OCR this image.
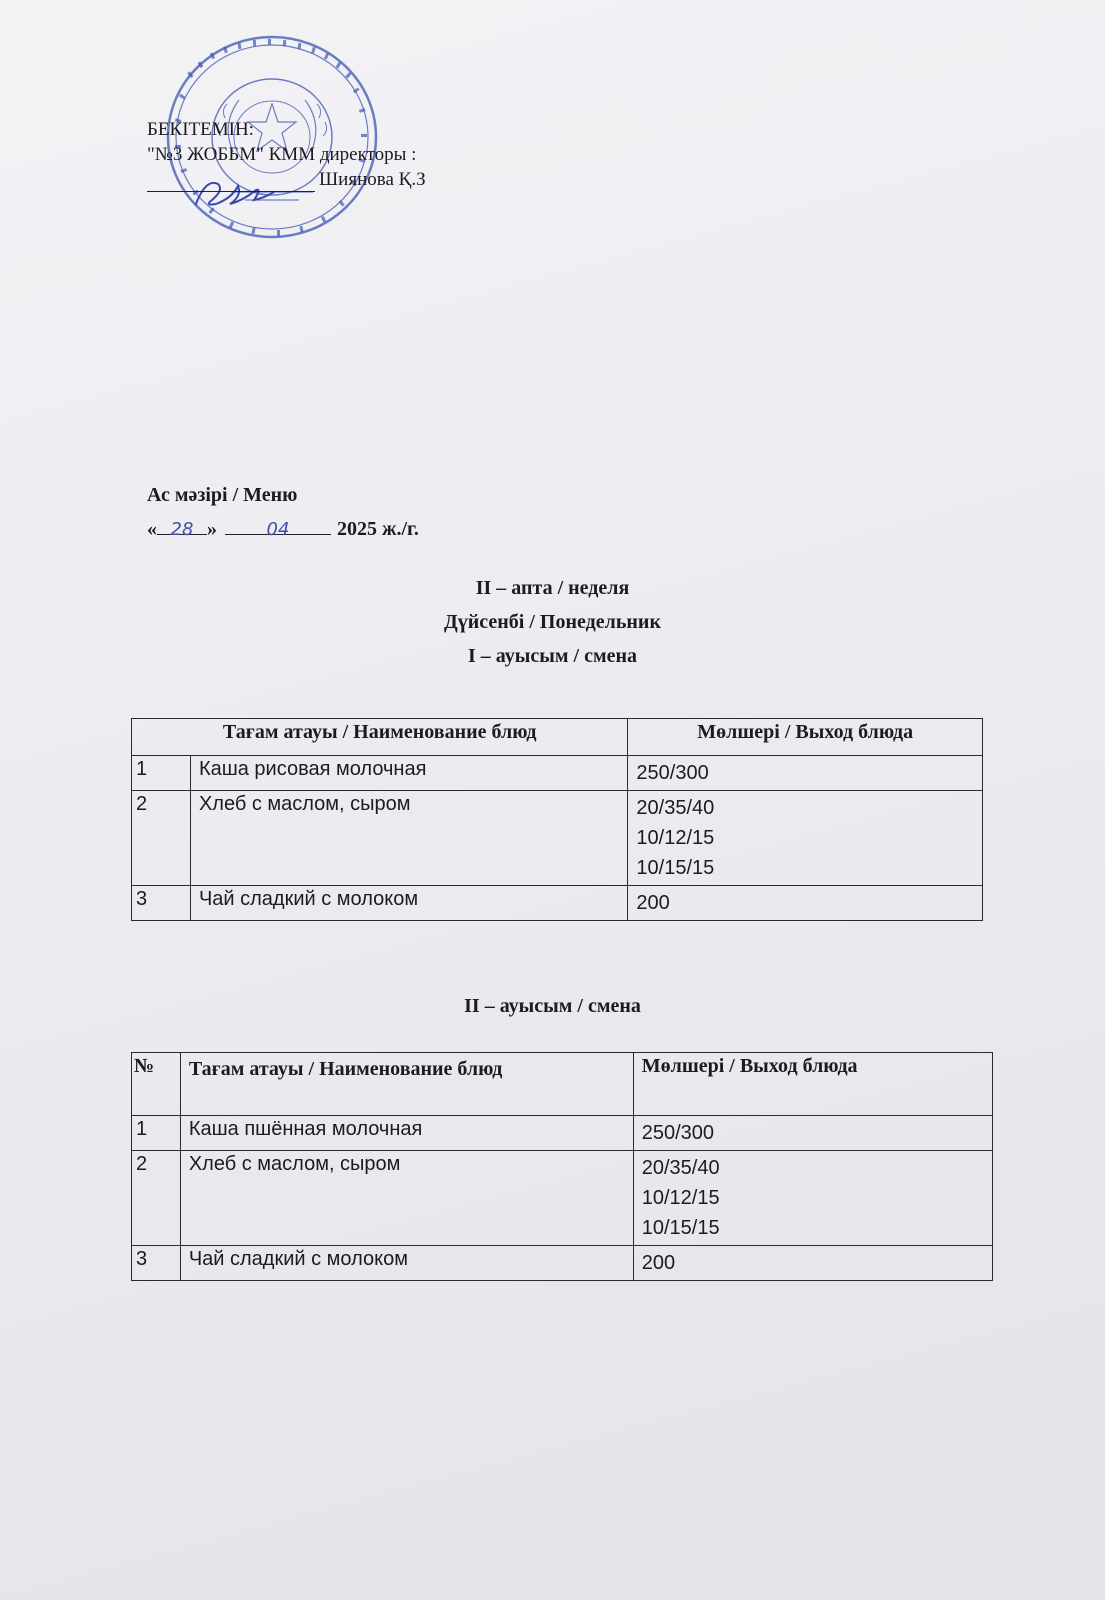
БЕКІТЕМІН:
"№3 ЖОББМ" КММ директоры :
Шиянова Қ.З
Ас мәзірі / Меню
« 28 »	04 2025 ж./г.
ІІ – апта / неделя
Дүйсенбі / Понедельник
І – ауысым / смена
Тағам атауы / Наименование блюд		Мөлшері / Выход блюда
1	Каша рисовая молочная	250/300

2	Хлеб с маслом, сыром	20/35/40
10/12/15
10/15/15

3	Чай сладкий с молоком	200
ІІ – ауысым / смена
№	Тағам атауы / Наименование блюд	Мөлшері / Выход блюда
1	Каша пшённая молочная	250/300

2	Хлеб с маслом, сыром	20/35/40
10/12/15
10/15/15

3	Чай сладкий с молоком	200
